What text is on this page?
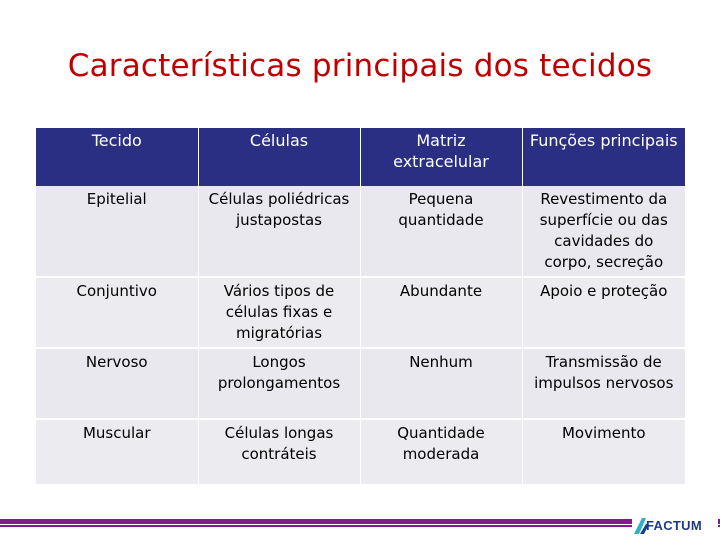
Características principais dos tecidos
Tecido	Células	Matriz extracelular	Funções principais
Epitelial	Células poliédricas justapostas	Pequena quantidade	Revestimento da superfície ou das cavidades do corpo, secreção
Conjuntivo	Vários tipos de células fixas e migratórias	Abundante	Apoio e proteção
Nervoso	Longos prolongamentos	Nenhum	Transmissão de impulsos nervosos
Muscular	Células longas contráteis	Quantidade moderada	Movimento
FACTUM
